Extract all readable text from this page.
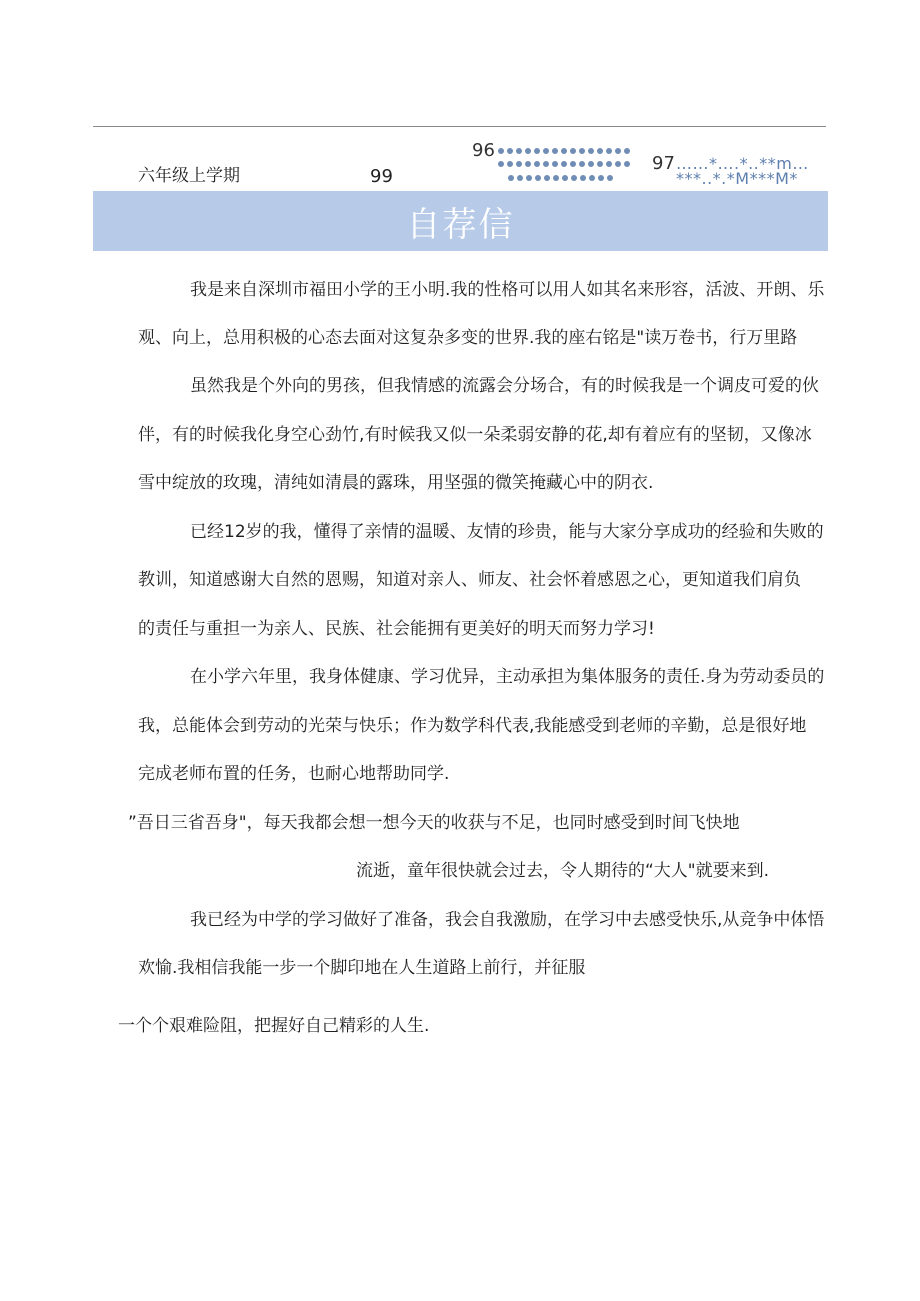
六年级上学期	99
96
97 ……*….*..**m…
***..*.*M***M*
自荐信
我是来自深圳市福田小学的王小明.我的性格可以用人如其名来形容，活波、开朗、乐
观、向上，总用积极的心态去面对这复杂多变的世界.我的座右铭是"读万卷书，行万里路
虽然我是个外向的男孩，但我情感的流露会分场合，有的时候我是一个调皮可爱的伙
伴，有的时候我化身空心劲竹,有时候我又似一朵柔弱安静的花,却有着应有的坚韧，又像冰
雪中绽放的玫瑰，清纯如清晨的露珠，用坚强的微笑掩藏心中的阴衣.
已经12岁的我，懂得了亲情的温暖、友情的珍贵，能与大家分享成功的经验和失败的
教训，知道感谢大自然的恩赐，知道对亲人、师友、社会怀着感恩之心，更知道我们肩负
的责任与重担一为亲人、民族、社会能拥有更美好的明天而努力学习!
在小学六年里，我身体健康、学习优异，主动承担为集体服务的责任.身为劳动委员的
我，总能体会到劳动的光荣与快乐；作为数学科代表,我能感受到老师的辛勤，总是很好地
完成老师布置的任务，也耐心地帮助同学.
”吾日三省吾身"，每天我都会想一想今天的收获与不足，也同时感受到时间飞快地
流逝，童年很快就会过去，令人期待的“大人"就要来到.
我已经为中学的学习做好了准备，我会自我激励，在学习中去感受快乐,从竞争中体悟
欢愉.我相信我能一步一个脚印地在人生道路上前行，并征服
一个个艰难险阻，把握好自己精彩的人生.
